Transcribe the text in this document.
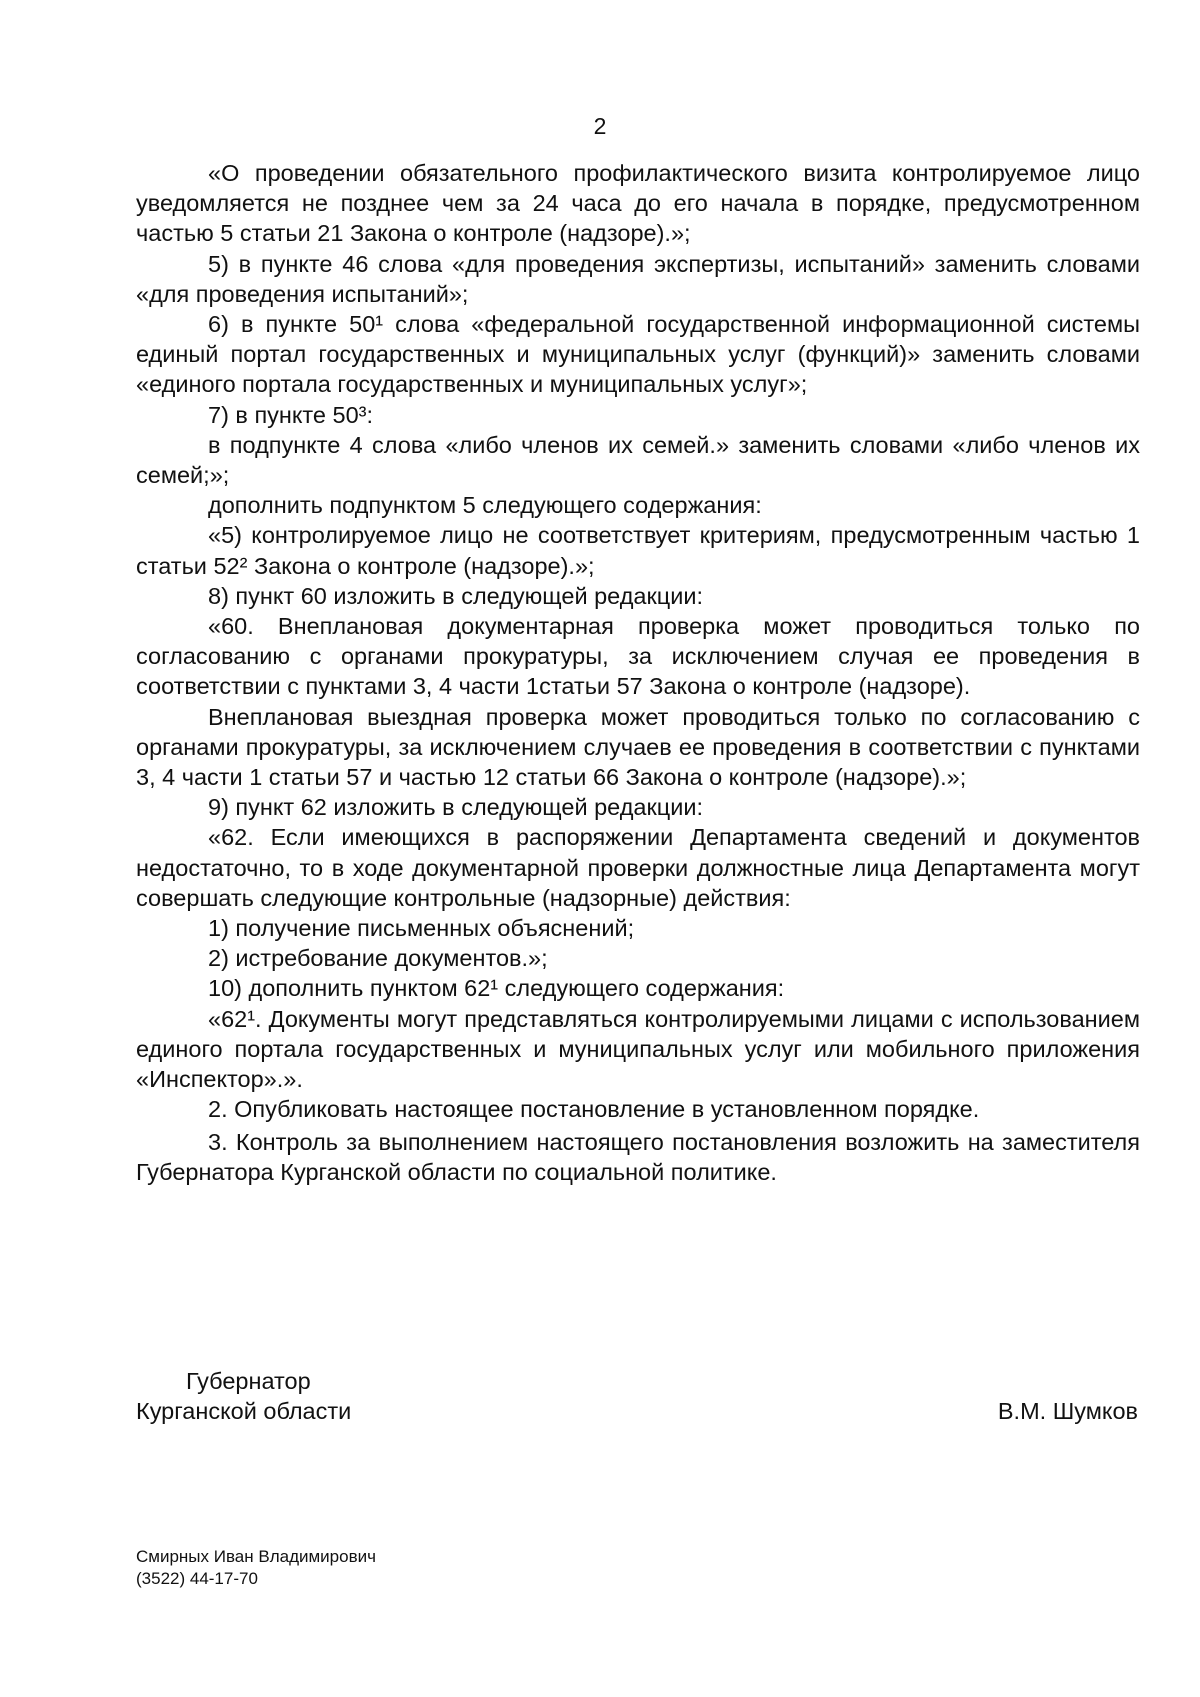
2

«О проведении обязательного профилактического визита контролируемое лицо уведомляется не позднее чем за 24 часа до его начала в порядке, предусмотренном частью 5 статьи 21 Закона о контроле (надзоре).»;

5) в пункте 46 слова «для проведения экспертизы, испытаний» заменить словами «для проведения испытаний»;

6) в пункте 50¹ слова «федеральной государственной информационной системы единый портал государственных и муниципальных услуг (функций)» заменить словами «единого портала государственных и муниципальных услуг»;

7) в пункте 50³:

в подпункте 4 слова «либо членов их семей.» заменить словами «либо членов их семей;»;

дополнить подпунктом 5 следующего содержания:

«5) контролируемое лицо не соответствует критериям, предусмотренным частью 1 статьи 52² Закона о контроле (надзоре).»;

8) пункт 60 изложить в следующей редакции:

«60. Внеплановая документарная проверка может проводиться только по согласованию с органами прокуратуры, за исключением случая ее проведения в соответствии с пунктами 3, 4 части 1статьи 57 Закона о контроле (надзоре).

Внеплановая выездная проверка может проводиться только по согласованию с органами прокуратуры, за исключением случаев ее проведения в соответствии с пунктами 3, 4 части 1 статьи 57 и частью 12 статьи 66 Закона о контроле (надзоре).»;

9) пункт 62 изложить в следующей редакции:

«62. Если имеющихся в распоряжении Департамента сведений и документов недостаточно, то в ходе документарной проверки должностные лица Департамента могут совершать следующие контрольные (надзорные) действия:

1) получение письменных объяснений;

2) истребование документов.»;

10) дополнить пунктом 62¹ следующего содержания:

«62¹. Документы могут представляться контролируемыми лицами с использованием единого портала государственных и муниципальных услуг или мобильного приложения «Инспектор».».

2. Опубликовать настоящее постановление в установленном порядке.

3. Контроль за выполнением настоящего постановления возложить на заместителя Губернатора Курганской области по социальной политике.

Губернатор
Курганской области	В.М. Шумков
Смирных Иван Владимирович
(3522) 44-17-70
